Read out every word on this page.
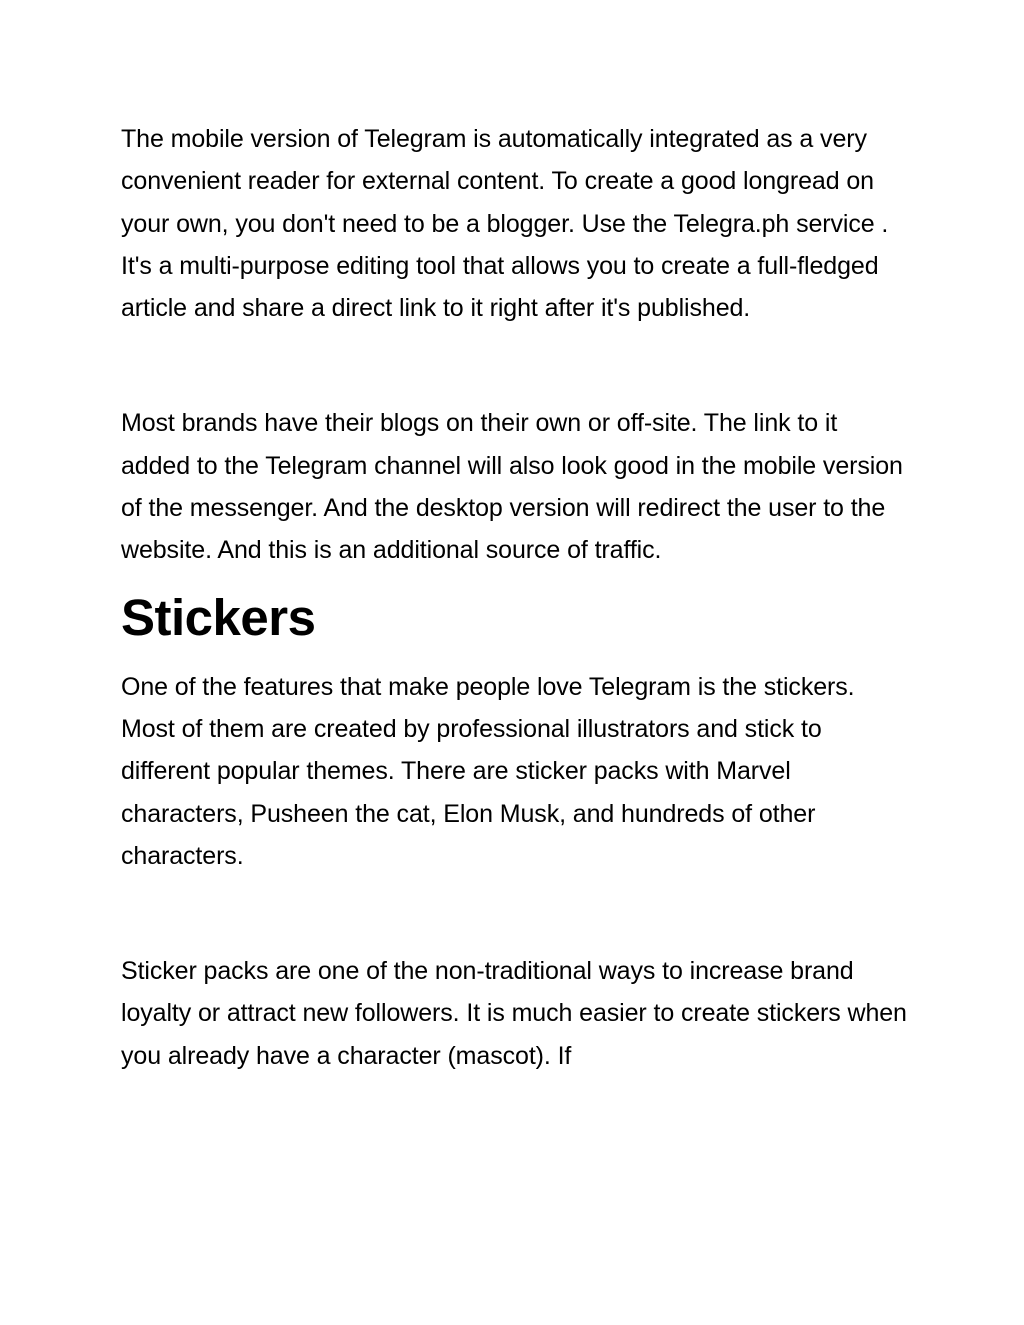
The mobile version of Telegram is automatically integrated as a very convenient reader for external content. To create a good longread on your own, you don't need to be a blogger. Use the Telegra.ph service . It's a multi-purpose editing tool that allows you to create a full-fledged article and share a direct link to it right after it's published.

Most brands have their blogs on their own or off-site. The link to it added to the Telegram channel will also look good in the mobile version of the messenger. And the desktop version will redirect the user to the website. And this is an additional source of traffic.

Stickers

One of the features that make people love Telegram is the stickers. Most of them are created by professional illustrators and stick to different popular themes. There are sticker packs with Marvel characters, Pusheen the cat, Elon Musk, and hundreds of other characters.

Sticker packs are one of the non-traditional ways to increase brand loyalty or attract new followers. It is much easier to create stickers when you already have a character (mascot). If
